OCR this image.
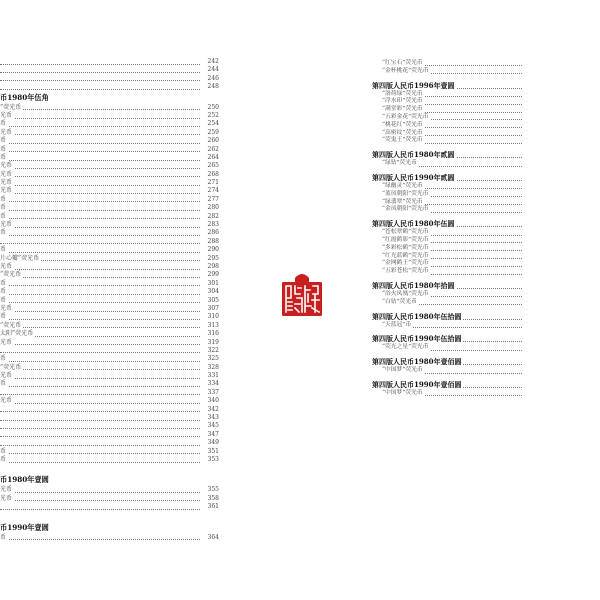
242
244
246
248
币1980年伍角
”荧光币	250
光币	252
币	254
光币	259
币	260
币	262
币	264
光币	265
光币	268
光币	271
光币	274
币	277
币	280
币	282
光币	283
币	286
288
币	290
片心瓣”荧光币	295
光币	298
”荧光币	299
币	301
币	304
币	305
光币	307
币	310
”荧光币	313
太阳”荧光币	316
光币	319
322
币	325
”荧光币	328
光币	331
币	334
337
光币	340
342
343
345
347
349
币	351
币	353
币1980年壹圆
光币	355
光币	358
361
币1990年壹圆
币	364
“红宝石”荧光币
“金杯桃花”荧光币
第四版人民币1996年壹圆
“洛荷绿”荧光币
“浮水印”荧光币
“满堂彩”荧光币
“五彩金花”荧光币
“桃花红”荧光币
“高密纹”荧光币
“荧鬼王”荧光币
第四版人民币1980年贰圆
“绿钻”荧光币
第四版人民币1990年贰圆
“绿幽灵”荧光币
“蓝凤朝阳”荧光币
“绿翡翠”荧光币
“金凤朝阳”荧光币
第四版人民币1980年伍圆
“苍松翠鹤”荧光币
“红霞鹤影”荧光币
“多彩松鹤”荧光币
“红光蓝鹤”荧光币
“金网鹤王”荧光币
“五彩苍松”荧光币
第四版人民币1980年拾圆
“浴火凤凰”荧光币
“白钻”荧光币
第四版人民币1980年伍拾圆
“天蓝冠”币
第四版人民币1990年伍拾圆
“荧光之星”荧光币
第四版人民币1980年壹佰圆
“中国梦”荧光币
第四版人民币1990年壹佰圆
“中国梦”荧光币
